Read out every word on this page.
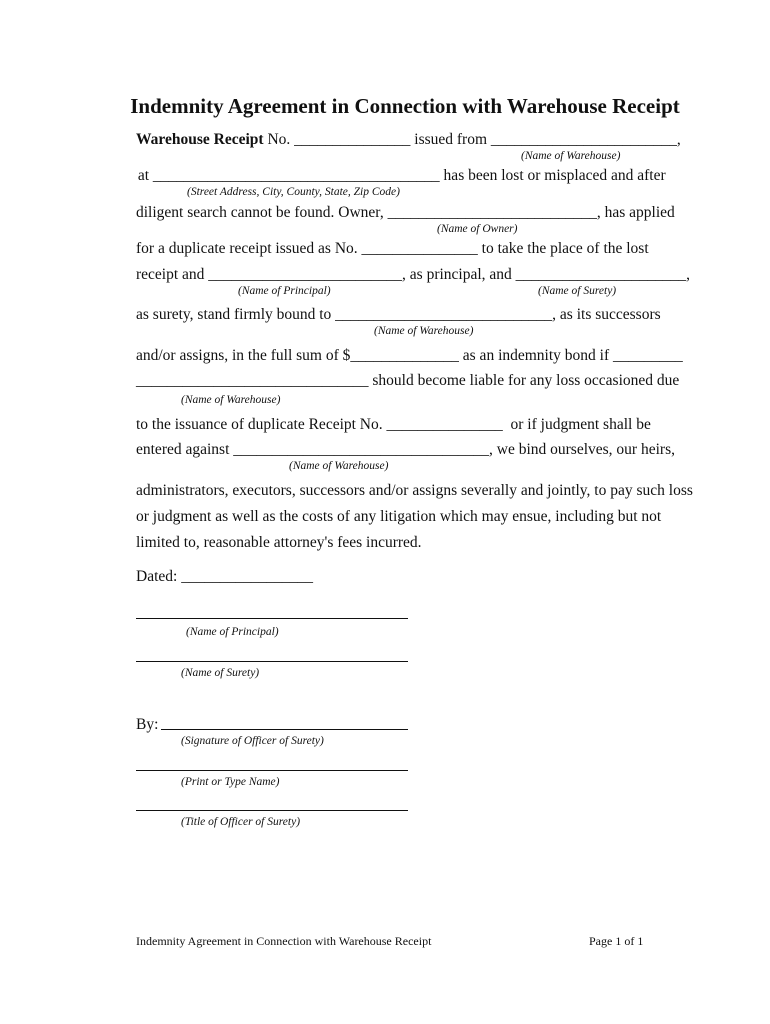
Indemnity Agreement in Connection with Warehouse Receipt
Warehouse Receipt No. _______________ issued from ________________________,
(Name of Warehouse)
at _____________________________________ has been lost or misplaced and after
(Street Address, City, County, State, Zip Code)
diligent search cannot be found. Owner, ___________________________, has applied
(Name of Owner)
for a duplicate receipt issued as No. _______________ to take the place of the lost
receipt and _________________________, as principal, and ______________________,
(Name of Principal)	(Name of Surety)
as surety, stand firmly bound to ____________________________, as its successors
(Name of Warehouse)
and/or assigns, in the full sum of $______________ as an indemnity bond if _________
______________________________ should become liable for any loss occasioned due
(Name of Warehouse)
to the issuance of duplicate Receipt No. _______________  or if judgment shall be
entered against _________________________________, we bind ourselves, our heirs,
(Name of Warehouse)
administrators, executors, successors and/or assigns severally and jointly, to pay such loss
or judgment as well as the costs of any litigation which may ensue, including but not
limited to, reasonable attorney's fees incurred.
Dated: _________________
(Name of Principal)
(Name of Surety)
By:
(Signature of Officer of Surety)
(Print or Type Name)
(Title of Officer of Surety)
Indemnity Agreement in Connection with Warehouse Receipt	Page 1 of 1
